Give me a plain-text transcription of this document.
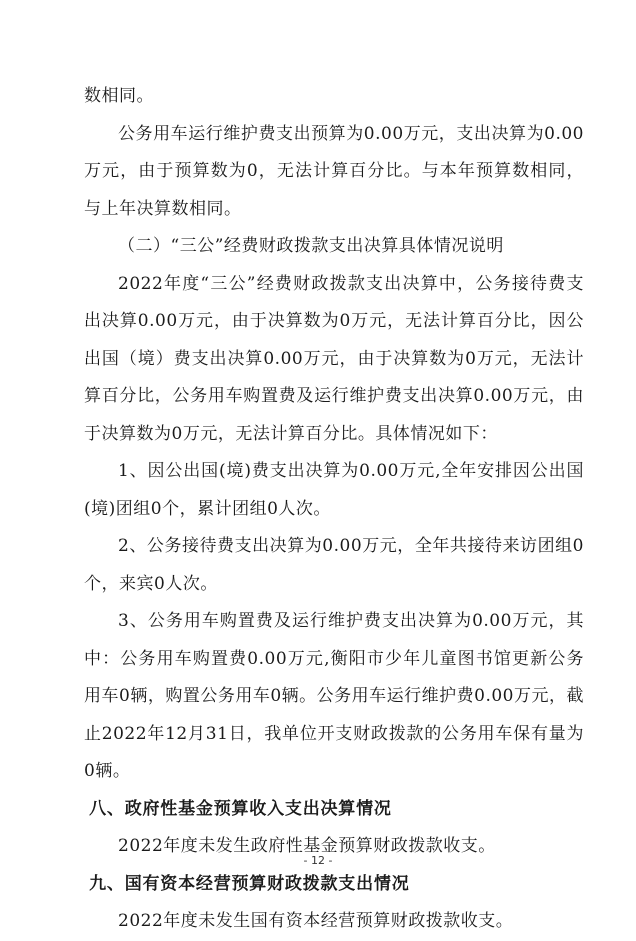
数相同。

公务用车运行维护费支出预算为0.00万元，支出决算为0.00万元，由于预算数为0，无法计算百分比。与本年预算数相同，与上年决算数相同。

（二）“三公”经费财政拨款支出决算具体情况说明

2022年度“三公”经费财政拨款支出决算中，公务接待费支出决算0.00万元，由于决算数为0万元，无法计算百分比，因公出国（境）费支出决算0.00万元，由于决算数为0万元，无法计算百分比，公务用车购置费及运行维护费支出决算0.00万元，由于决算数为0万元，无法计算百分比。具体情况如下：

1、因公出国(境)费支出决算为0.00万元,全年安排因公出国(境)团组0个，累计团组0人次。

2、公务接待费支出决算为0.00万元，全年共接待来访团组0个，来宾0人次。

3、公务用车购置费及运行维护费支出决算为0.00万元，其中：公务用车购置费0.00万元,衡阳市少年儿童图书馆更新公务用车0辆，购置公务用车0辆。公务用车运行维护费0.00万元，截止2022年12月31日，我单位开支财政拨款的公务用车保有量为0辆。

八、政府性基金预算收入支出决算情况

2022年度未发生政府性基金预算财政拨款收支。

九、国有资本经营预算财政拨款支出情况

2022年度未发生国有资本经营预算财政拨款收支。

- 12 -
